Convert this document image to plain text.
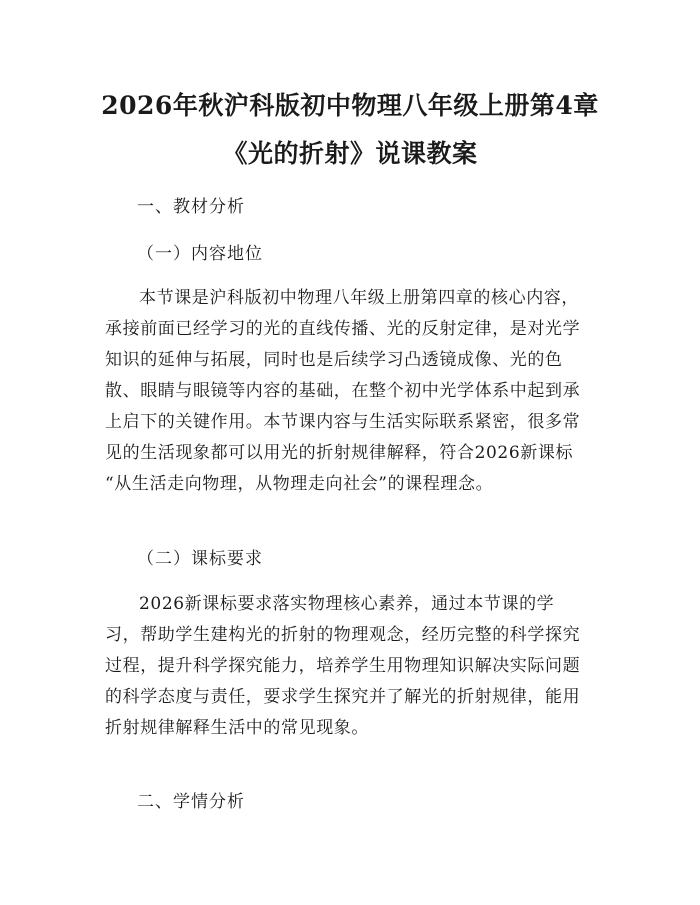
2026年秋沪科版初中物理八年级上册第4章
《光的折射》说课教案
一、教材分析
（一）内容地位
本节课是沪科版初中物理八年级上册第四章的核心内容，
承接前面已经学习的光的直线传播、光的反射定律，是对光学
知识的延伸与拓展，同时也是后续学习凸透镜成像、光的色
散、眼睛与眼镜等内容的基础，在整个初中光学体系中起到承
上启下的关键作用。本节课内容与生活实际联系紧密，很多常
见的生活现象都可以用光的折射规律解释，符合2026新课标
“从生活走向物理，从物理走向社会”的课程理念。
（二）课标要求
2026新课标要求落实物理核心素养，通过本节课的学
习，帮助学生建构光的折射的物理观念，经历完整的科学探究
过程，提升科学探究能力，培养学生用物理知识解决实际问题
的科学态度与责任，要求学生探究并了解光的折射规律，能用
折射规律解释生活中的常见现象。
二、学情分析
